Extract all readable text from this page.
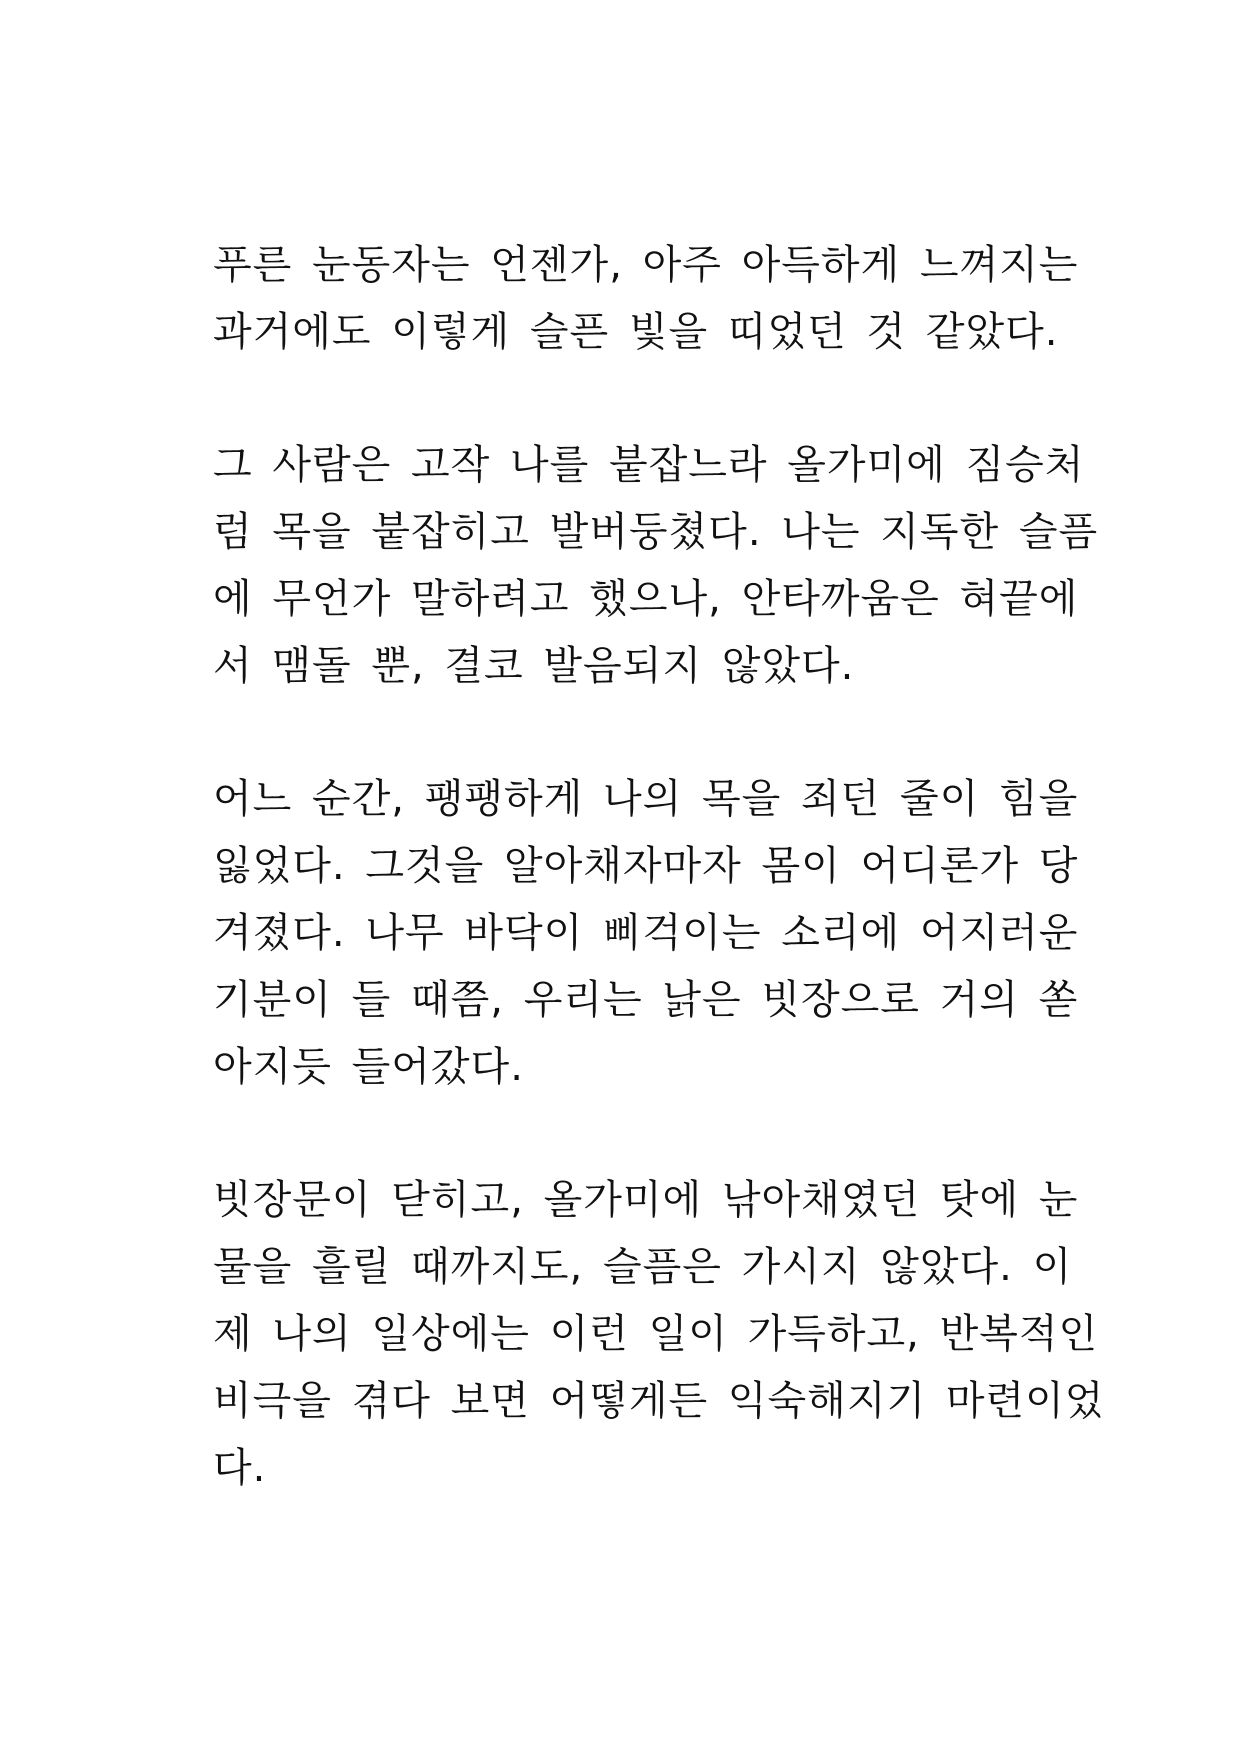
푸른 눈동자는 언젠가, 아주 아득하게 느껴지는
과거에도 이렇게 슬픈 빛을 띠었던 것 같았다.

그 사람은 고작 나를 붙잡느라 올가미에 짐승처
럼 목을 붙잡히고 발버둥쳤다. 나는 지독한 슬픔
에 무언가 말하려고 했으나, 안타까움은 혀끝에
서 맴돌 뿐, 결코 발음되지 않았다.

어느 순간, 팽팽하게 나의 목을 죄던 줄이 힘을
잃었다. 그것을 알아채자마자 몸이 어디론가 당
겨졌다. 나무 바닥이 삐걱이는 소리에 어지러운
기분이 들 때쯤, 우리는 낡은 빗장으로 거의 쏟
아지듯 들어갔다.

빗장문이 닫히고, 올가미에 낚아채였던 탓에 눈
물을 흘릴 때까지도, 슬픔은 가시지 않았다. 이
제 나의 일상에는 이런 일이 가득하고, 반복적인
비극을 겪다 보면 어떻게든 익숙해지기 마련이었
다.
